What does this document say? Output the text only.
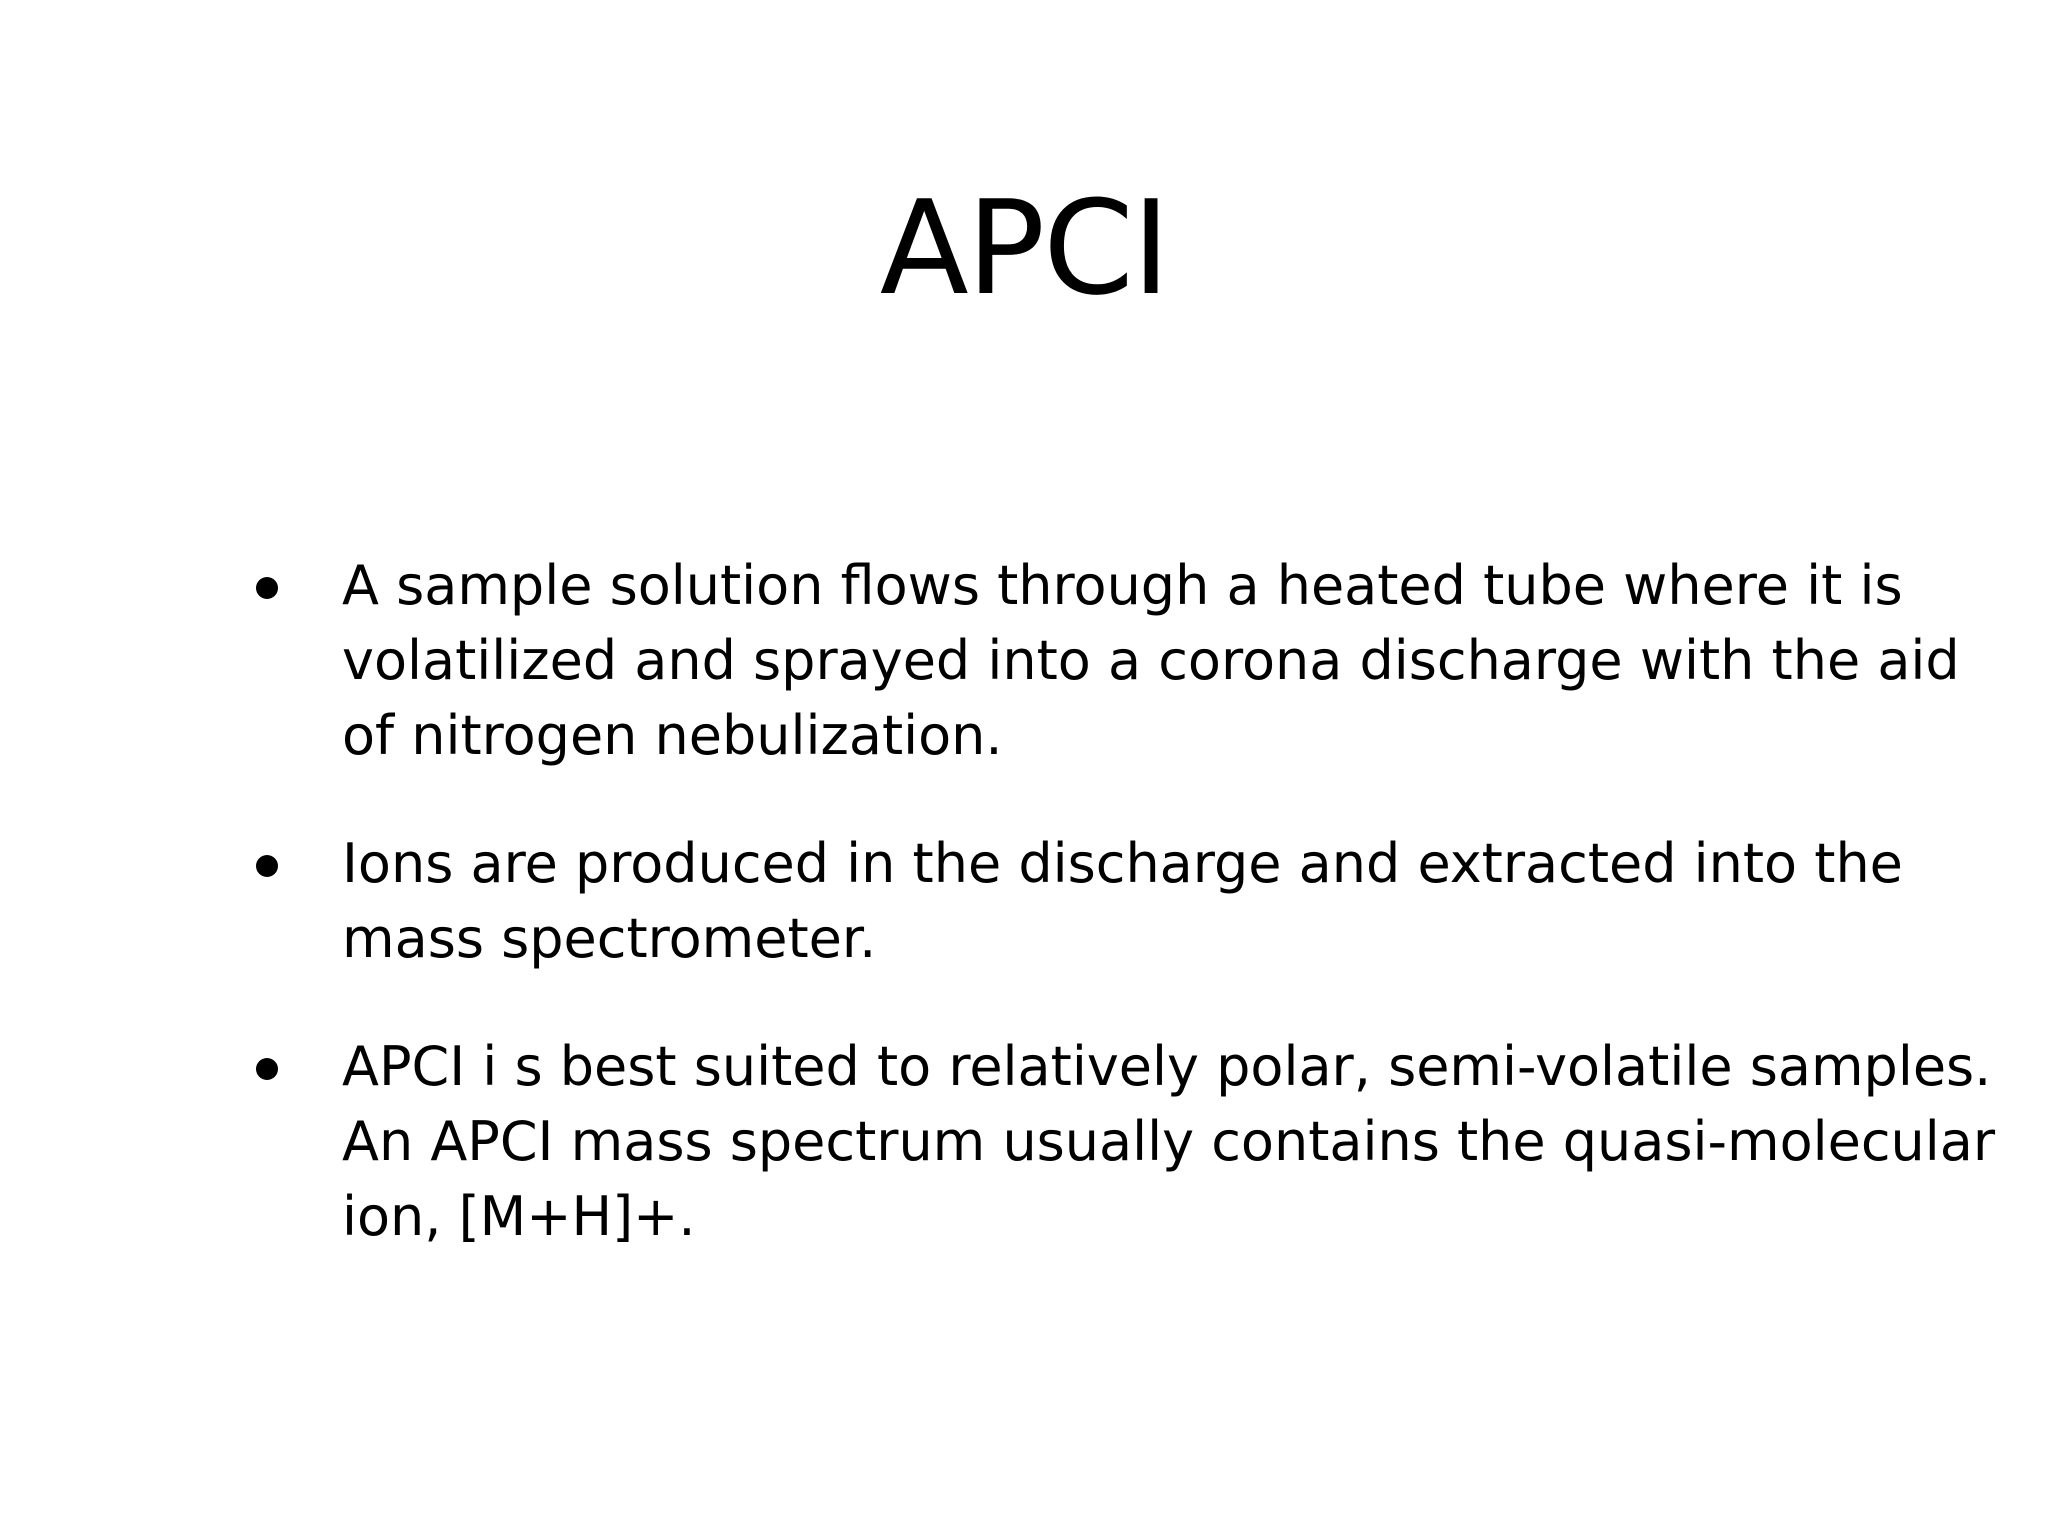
APCI
A sample solution flows through a heated tube where it is
volatilized and sprayed into a corona discharge with the aid
of nitrogen nebulization.
Ions are produced in the discharge and extracted into the
mass spectrometer.
APCI i s best suited to relatively polar, semi-volatile samples.
An APCI mass spectrum usually contains the quasi-molecular
ion, [M+H]+.
